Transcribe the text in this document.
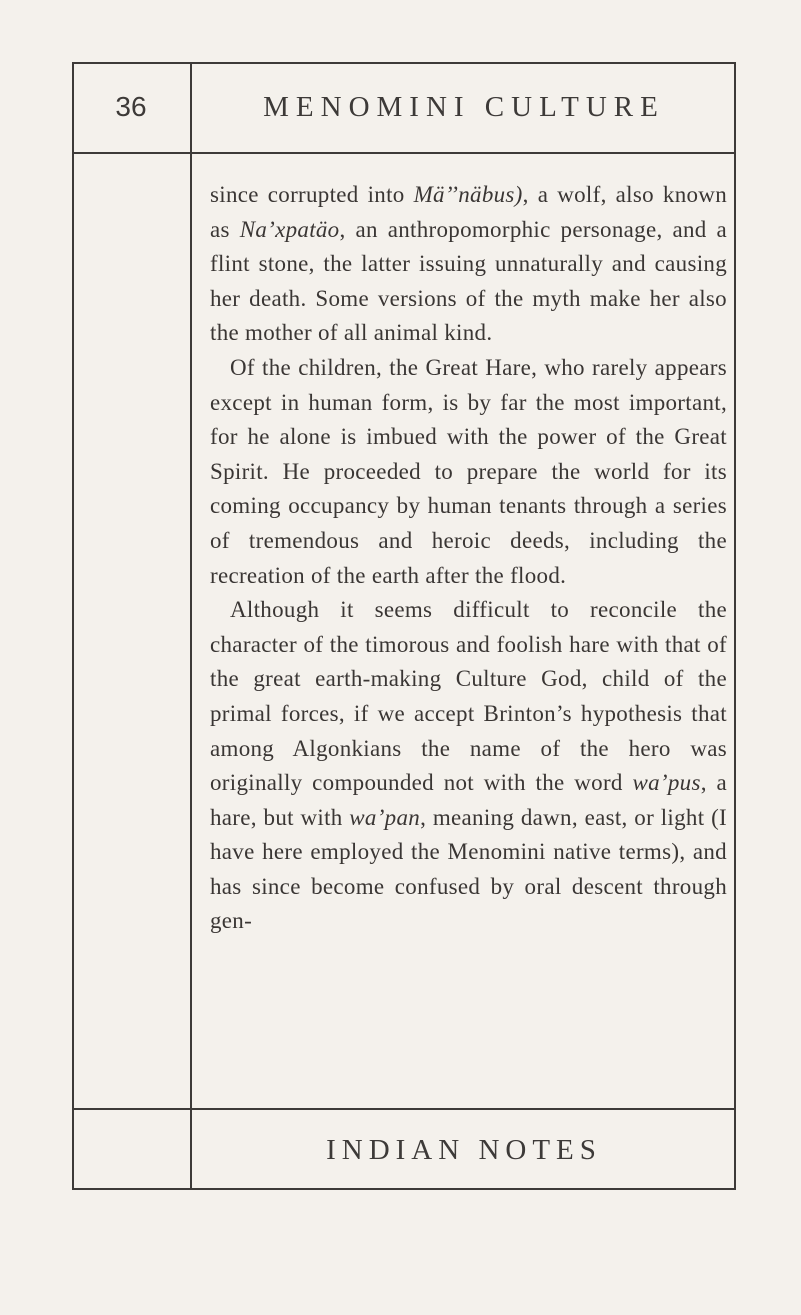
36	MENOMINI CULTURE

since corrupted into Mä’’näbus), a wolf, also known as Na’xpatäo, an anthropomorphic personage, and a flint stone, the latter issuing unnaturally and causing her death. Some versions of the myth make her also the mother of all animal kind.

Of the children, the Great Hare, who rarely appears except in human form, is by far the most important, for he alone is imbued with the power of the Great Spirit. He proceeded to prepare the world for its coming occupancy by human tenants through a series of tremendous and heroic deeds, including the recreation of the earth after the flood.

Although it seems difficult to reconcile the character of the timorous and foolish hare with that of the great earth-making Culture God, child of the primal forces, if we accept Brinton’s hypothesis that among Algonkians the name of the hero was originally compounded not with the word wa’pus, a hare, but with wa’pan, meaning dawn, east, or light (I have here employed the Menomini native terms), and has since become confused by oral descent through gen-

INDIAN NOTES
